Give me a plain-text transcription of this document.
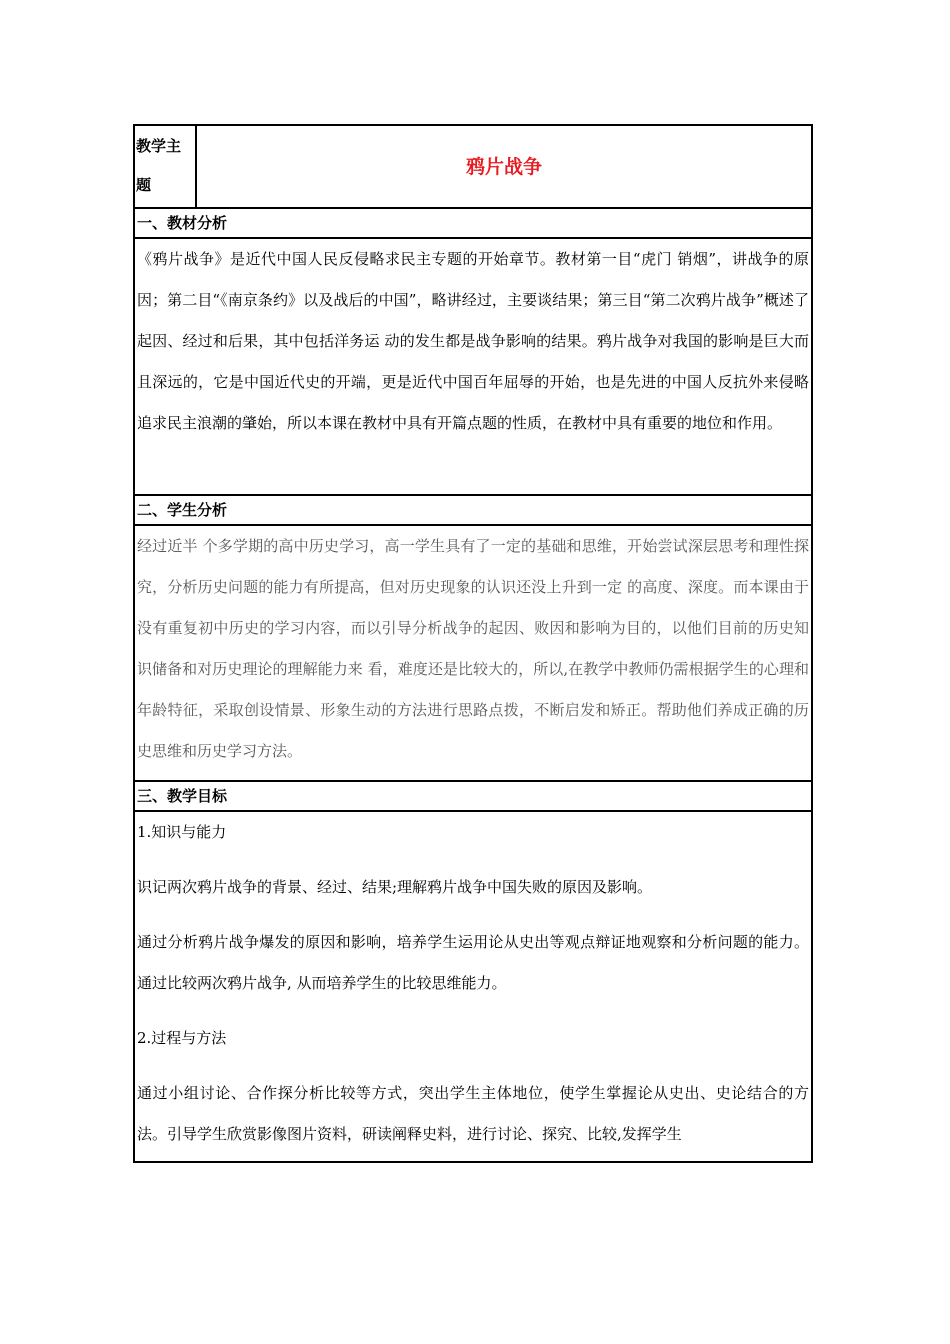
教学主题
鸦片战争
一、教材分析
《鸦片战争》是近代中国人民反侵略求民主专题的开始章节。教材第一目“虎门 销烟”，讲战争的原因；第二目“《南京条约》以及战后的中国”，略讲经过，主要谈结果；第三目“第二次鸦片战争”概述了起因、经过和后果，其中包括洋务运 动的发生都是战争影响的结果。鸦片战争对我国的影响是巨大而且深远的，它是中国近代史的开端，更是近代中国百年屈辱的开始，也是先进的中国人反抗外来侵略 追求民主浪潮的肇始，所以本课在教材中具有开篇点题的性质，在教材中具有重要的地位和作用。
二、学生分析
经过近半 个多学期的高中历史学习，高一学生具有了一定的基础和思维，开始尝试深层思考和理性探究，分析历史问题的能力有所提高，但对历史现象的认识还没上升到一定 的高度、深度。而本课由于没有重复初中历史的学习内容，而以引导分析战争的起因、败因和影响为目的，以他们目前的历史知识储备和对历史理论的理解能力来 看，难度还是比较大的，所以,在教学中教师仍需根据学生的心理和年龄特征，采取创设情景、形象生动的方法进行思路点拨，不断启发和矫正。帮助他们养成正确的历史思维和历史学习方法。
三、教学目标
1.知识与能力
识记两次鸦片战争的背景、经过、结果;理解鸦片战争中国失败的原因及影响。
通过分析鸦片战争爆发的原因和影响，培养学生运用论从史出等观点辩证地观察和分析问题的能力。通过比较两次鸦片战争, 从而培养学生的比较思维能力。
2.过程与方法
通过小组讨论、合作探分析比较等方式，突出学生主体地位，使学生掌握论从史出、史论结合的方法。引导学生欣赏影像图片资料，研读阐释史料，进行讨论、探究、比较,发挥学生
